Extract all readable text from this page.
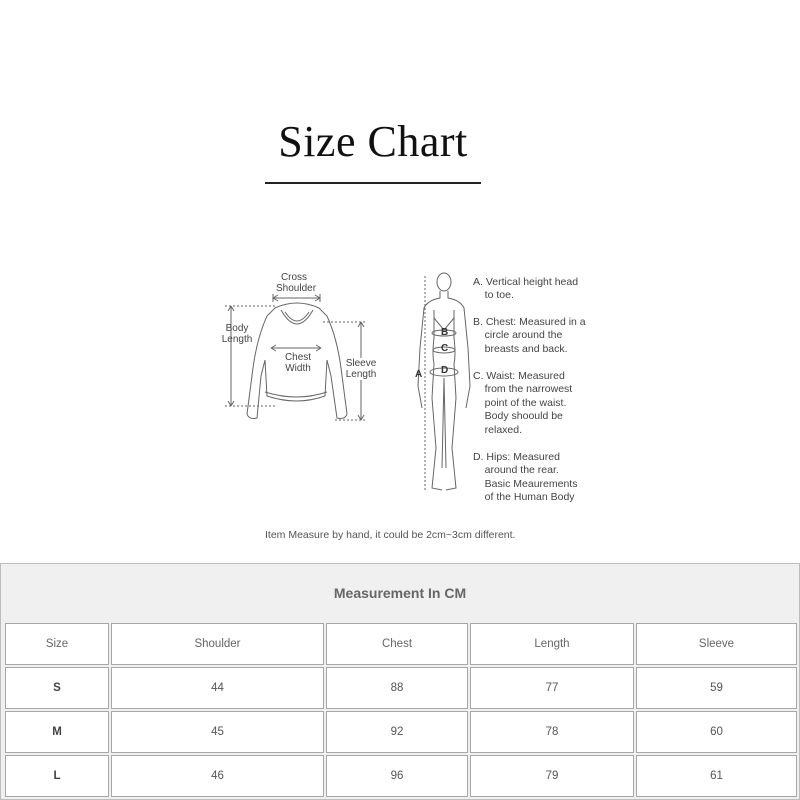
Size Chart
Cross
Shoulder
Body
Length
Chest
Width	Sleeve
Length	A
B
C
D
A. Vertical height head
to toe.
B. Chest: Measured in a
circle around the
breasts and back.
C. Waist: Measured
from the narrowest
point of the waist.
Body shoould be
relaxed.
D. Hips: Measured
around the rear.
Basic Meaurements
of the Human Body
Item Measure by hand, it could be 2cm~3cm different.
Measurement In CM
Size	Shoulder	Chest	Length	Sleeve
S	44	88	77	59
M	45	92	78	60
L	46	96	79	61
